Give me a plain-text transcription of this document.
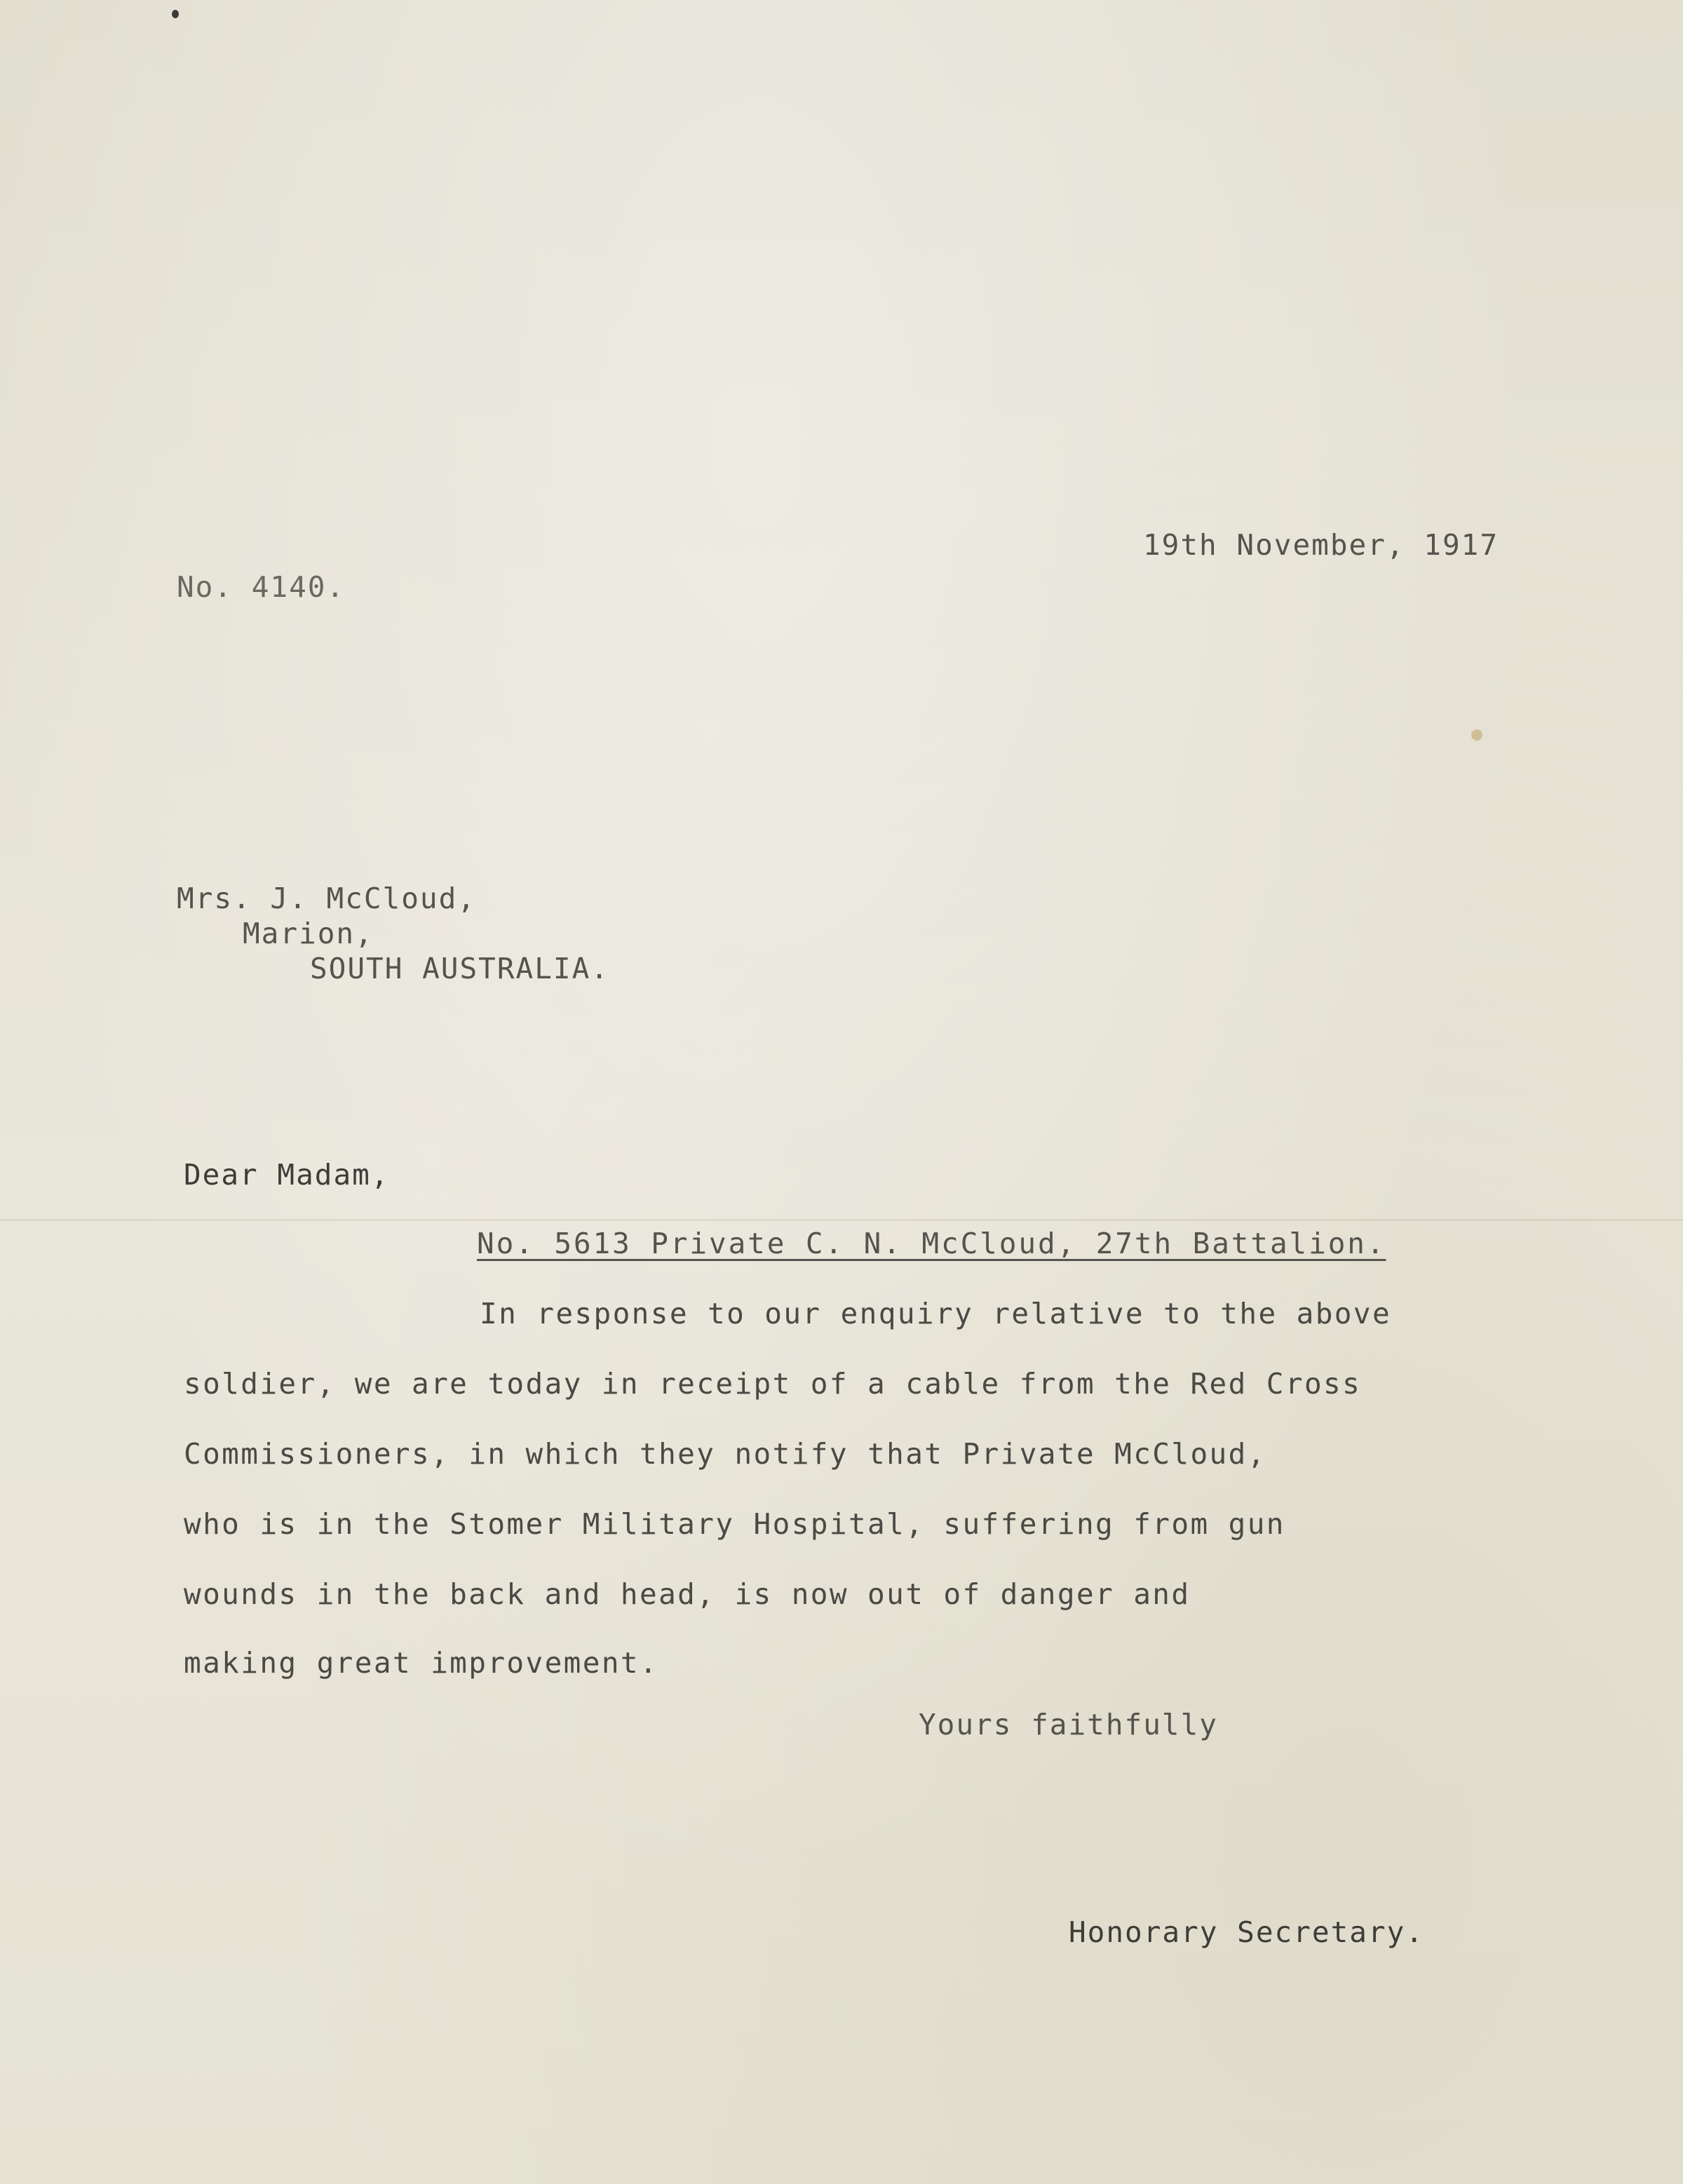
19th November, 1917

No. 4140.

Mrs. J. McCloud,

Marion,

SOUTH AUSTRALIA.

Dear Madam,

No. 5613 Private C. N. McCloud, 27th Battalion.

In response to our enquiry relative to the above

soldier, we are today in receipt of a cable from the Red Cross

Commissioners, in which they notify that Private McCloud,

who is in the Stomer Military Hospital, suffering from gun

wounds in the back and head, is now out of danger and

making great improvement.

Yours faithfully

Honorary Secretary.
